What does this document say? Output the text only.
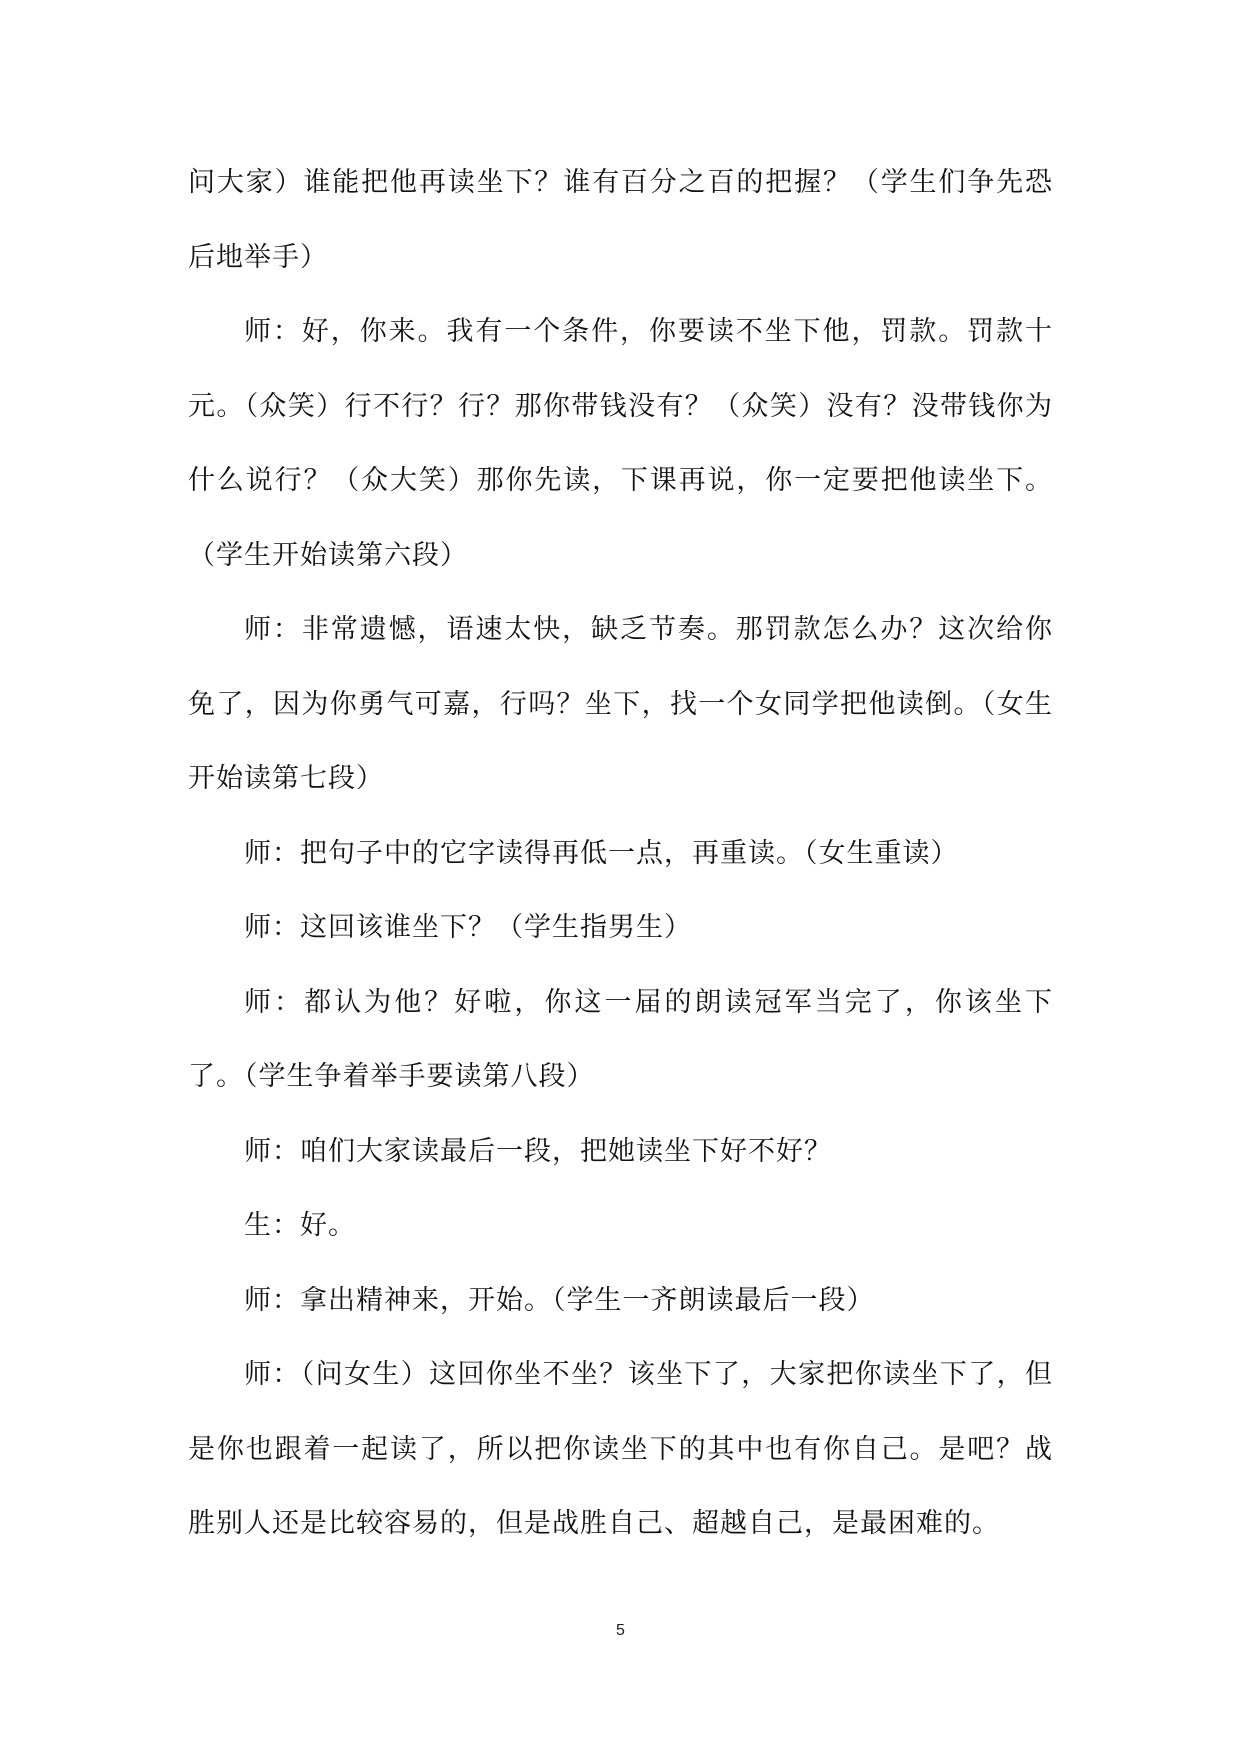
问大家）谁能把他再读坐下？谁有百分之百的把握？（学生们争先恐后地举手）

师：好，你来。我有一个条件，你要读不坐下他，罚款。罚款十元。（众笑）行不行？行？那你带钱没有？（众笑）没有？没带钱你为什么说行？（众大笑）那你先读，下课再说，你一定要把他读坐下。（学生开始读第六段）

师：非常遗憾，语速太快，缺乏节奏。那罚款怎么办？这次给你免了，因为你勇气可嘉，行吗？坐下，找一个女同学把他读倒。（女生开始读第七段）

师：把句子中的它字读得再低一点，再重读。（女生重读）

师：这回该谁坐下？（学生指男生）

师：都认为他？好啦，你这一届的朗读冠军当完了，你该坐下了。（学生争着举手要读第八段）

师：咱们大家读最后一段，把她读坐下好不好？

生：好。

师：拿出精神来，开始。（学生一齐朗读最后一段）

师：（问女生）这回你坐不坐？该坐下了，大家把你读坐下了，但是你也跟着一起读了，所以把你读坐下的其中也有你自己。是吧？战胜别人还是比较容易的，但是战胜自己、超越自己，是最困难的。

5
